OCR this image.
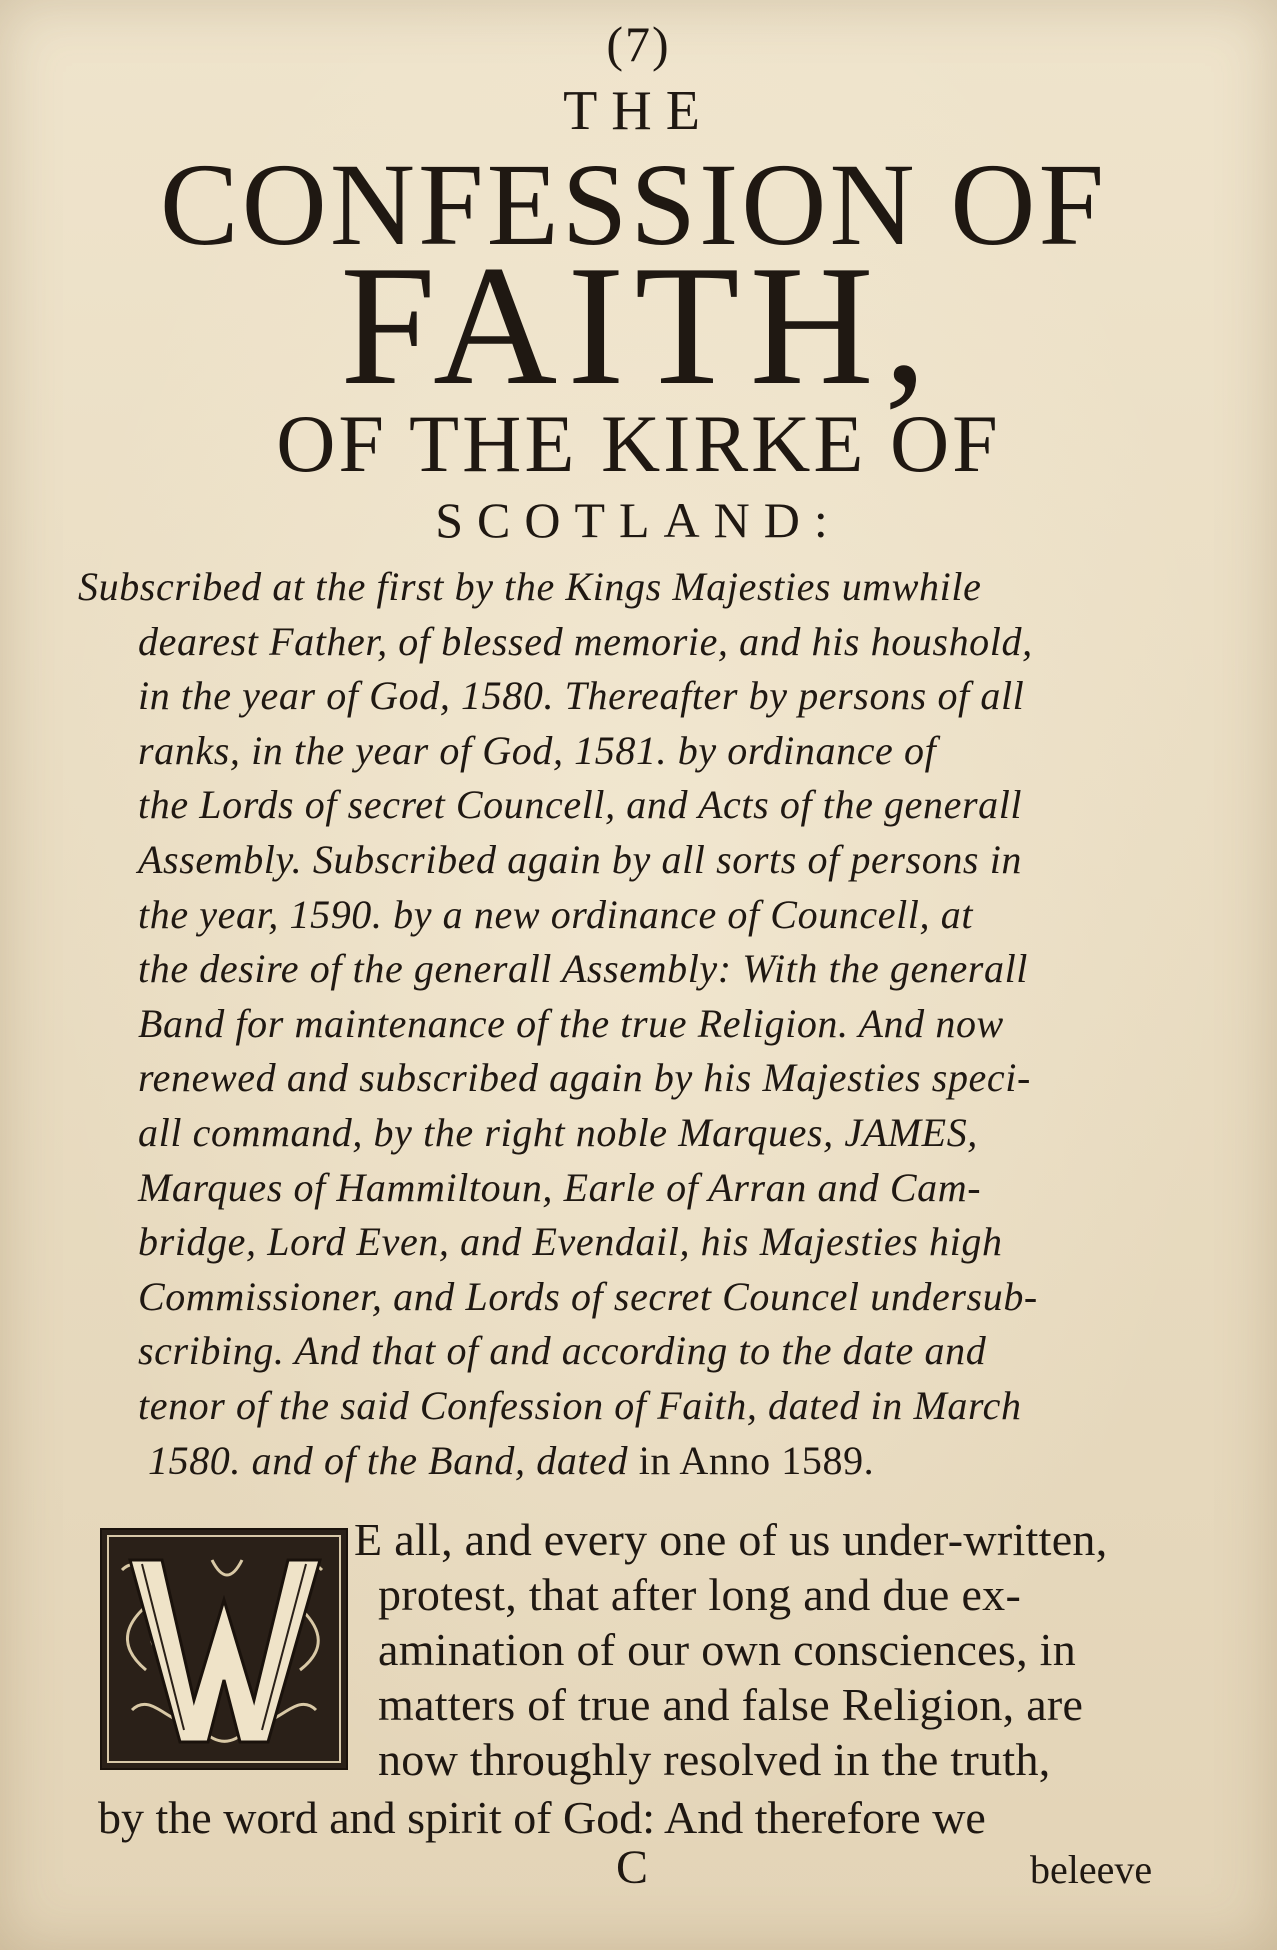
(7)
THE
CONFESSION OF
FAITH,
OF THE KIRKE OF
SCOTLAND:
Subscribed at the first by the Kings Majesties umwhile
dearest Father, of blessed memorie, and his houshold,
in the year of God, 1580. Thereafter by persons of all
ranks, in the year of God, 1581. by ordinance of
the Lords of secret Councell, and Acts of the generall
Assembly. Subscribed again by all sorts of persons in
the year, 1590. by a new ordinance of Councell, at
the desire of the generall Assembly: With the generall
Band for maintenance of the true Religion. And now
renewed and subscribed again by his Majesties speci-
all command, by the right noble Marques, JAMES,
Marques of Hammiltoun, Earle of Arran and Cam-
bridge, Lord Even, and Evendail, his Majesties high
Commissioner, and Lords of secret Councel undersub-
scribing. And that of and according to the date and
tenor of the said Confession of Faith, dated in March
1580. and of the Band, dated in Anno 1589.
E all, and every one of us under-written,
protest, that after long and due ex-
amination of our own consciences, in
matters of true and false Religion, are
now throughly resolved in the truth,
by the word and spirit of God: And therefore we
C	beleeve
